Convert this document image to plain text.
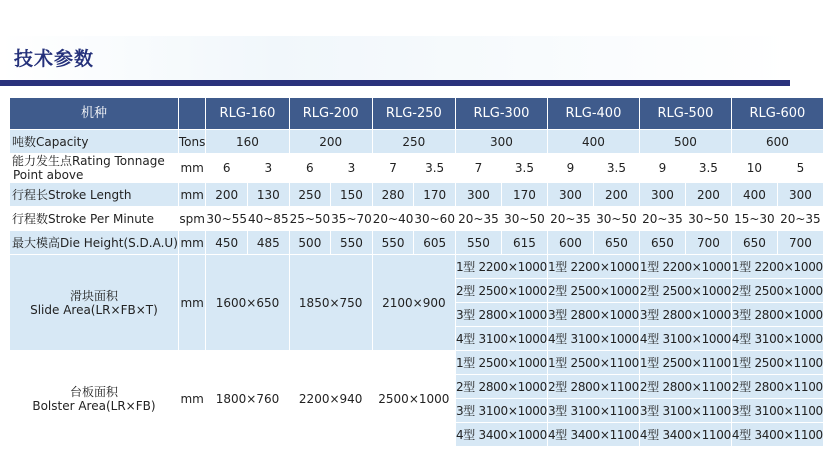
技术参数
机种		RLG-160		RLG-200		RLG-250		RLG-300		RLG-400		RLG-500		RLG-600	
吨数Capacity	Tons	160		200		250		300		400		500		600	

能力发生点Rating Tonnage
Point above	mm	6	3	6	3	7	3.5	7	3.5	9	3.5	9	3.5	10	5
行程长Stroke Length	mm	200	130	250	150	280	170	300	170	300	200	300	200	400	300
行程数Stroke Per Minute	spm	30~55	40~85	25~50	35~70	20~40	30~60	20~35	30~50	20~35	30~50	20~35	30~50	15~30	20~35
最大模高Die Height(S.D.A.U)	mm	450	485	500	550	550	605	550	615	600	650	650	700	650	700

滑块面积
Slide Area(LR×FB×T)	mm	1600×650		1850×750		2100×900		1型 2200×1000		1型 2200×1000		1型 2200×1000		1型 2200×1000	
								2型 2500×1000		2型 2500×1000		2型 2500×1000		2型 2500×1000	
								3型 2800×1000		3型 2800×1000		3型 2800×1000		3型 2800×1000	
								4型 3100×1000		4型 3100×1000		4型 3100×1000		4型 3100×1000	

台板面积
Bolster Area(LR×FB)	mm	1800×760		2200×940		2500×1000		1型 2500×1000		1型 2500×1100		1型 2500×1100		1型 2500×1100	
								2型 2800×1000		2型 2800×1100		2型 2800×1100		2型 2800×1100	
								3型 3100×1000		3型 3100×1100		3型 3100×1100		3型 3100×1100	
								4型 3400×1000		4型 3400×1100		4型 3400×1100		4型 3400×1100	
